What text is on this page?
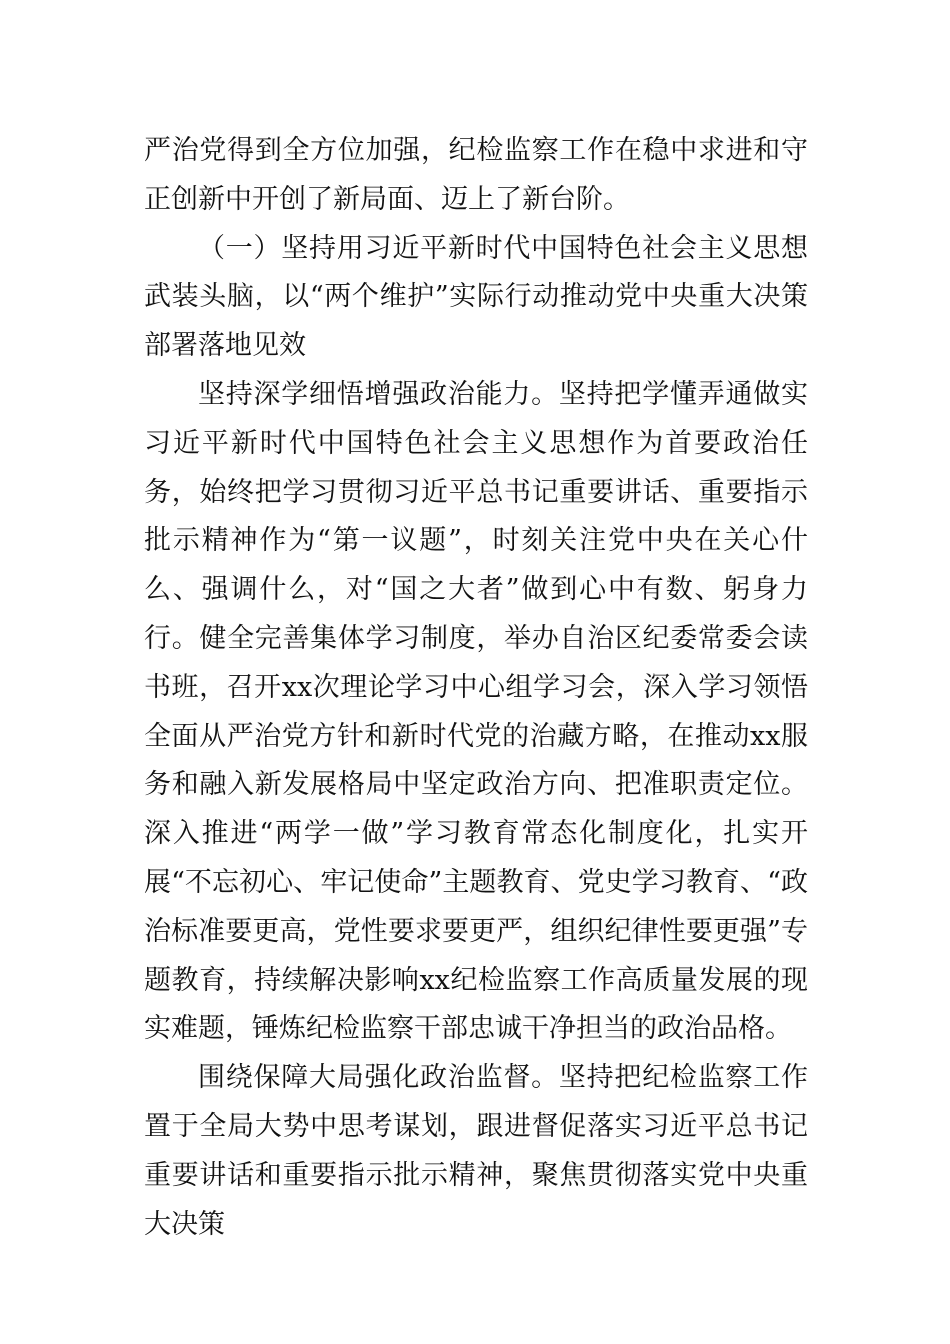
严治党得到全方位加强，纪检监察工作在稳中求进和守正创新中开创了新局面、迈上了新台阶。

（一）坚持用习近平新时代中国特色社会主义思想武装头脑，以“两个维护”实际行动推动党中央重大决策部署落地见效

坚持深学细悟增强政治能力。坚持把学懂弄通做实习近平新时代中国特色社会主义思想作为首要政治任务，始终把学习贯彻习近平总书记重要讲话、重要指示批示精神作为“第一议题”，时刻关注党中央在关心什么、强调什么，对“国之大者”做到心中有数、躬身力行。健全完善集体学习制度，举办自治区纪委常委会读书班，召开xx次理论学习中心组学习会，深入学习领悟全面从严治党方针和新时代党的治藏方略，在推动xx服务和融入新发展格局中坚定政治方向、把准职责定位。深入推进“两学一做”学习教育常态化制度化，扎实开展“不忘初心、牢记使命”主题教育、党史学习教育、“政治标准要更高，党性要求要更严，组织纪律性要更强”专题教育，持续解决影响xx纪检监察工作高质量发展的现实难题，锤炼纪检监察干部忠诚干净担当的政治品格。

围绕保障大局强化政治监督。坚持把纪检监察工作置于全局大势中思考谋划，跟进督促落实习近平总书记重要讲话和重要指示批示精神，聚焦贯彻落实党中央重大决策
